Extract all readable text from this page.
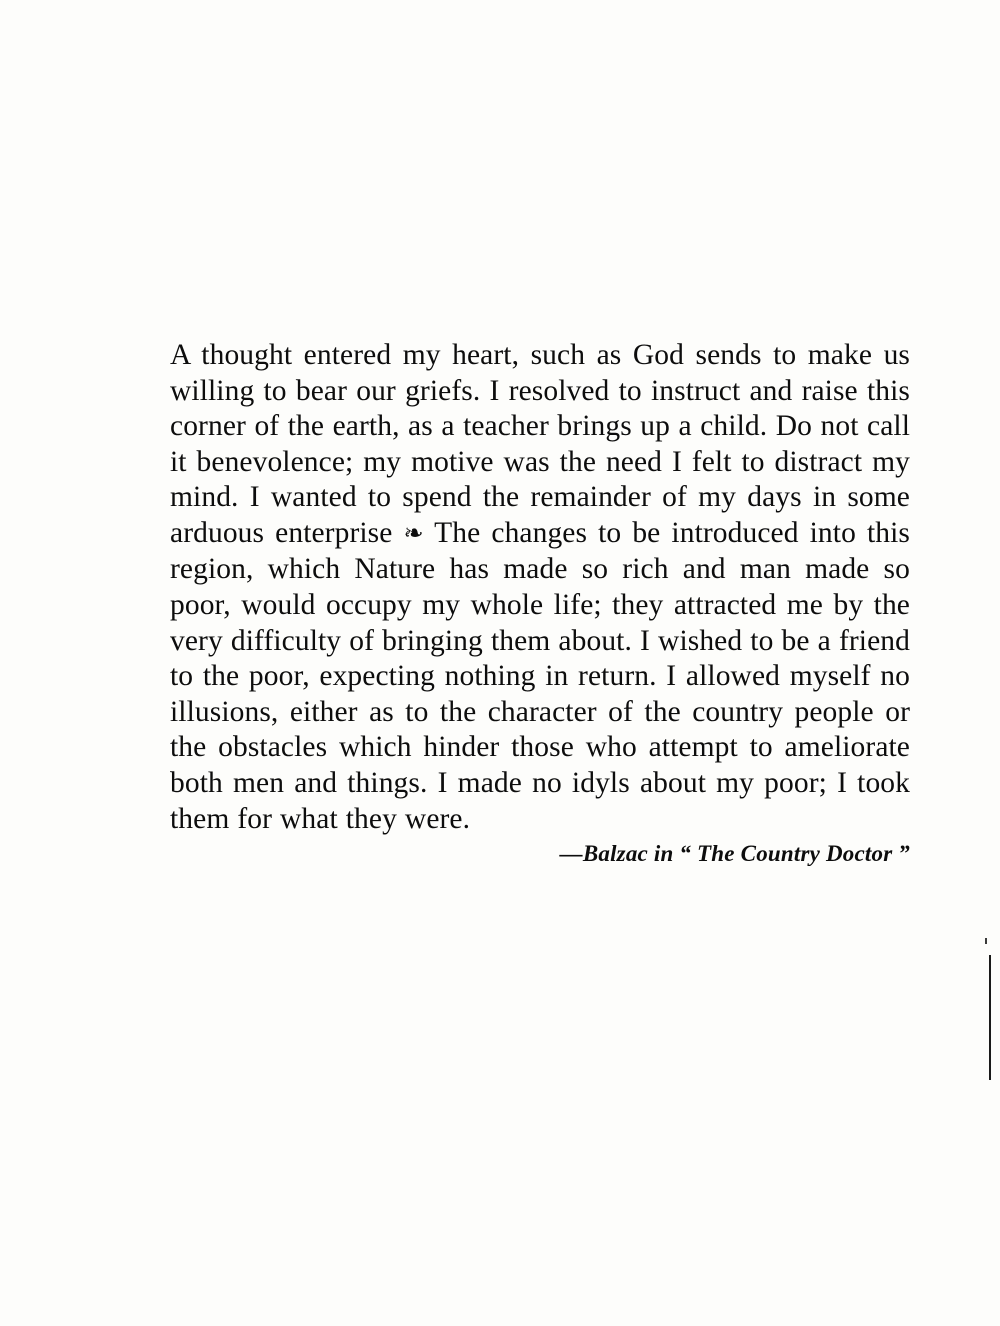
A thought entered my heart, such as God sends to make us willing to bear our griefs. I resolved to instruct and raise this corner of the earth, as a teacher brings up a child. Do not call it benevolence; my motive was the need I felt to distract my mind. I wanted to spend the remainder of my days in some arduous enterprise ❧ The changes to be introduced into this region, which Nature has made so rich and man made so poor, would occupy my whole life; they attracted me by the very difficulty of bringing them about. I wished to be a friend to the poor, expecting nothing in return. I allowed myself no illusions, either as to the character of the country people or the obstacles which hinder those who attempt to ameliorate both men and things. I made no idyls about my poor; I took them for what they were.

—Balzac in “ The Country Doctor ”
